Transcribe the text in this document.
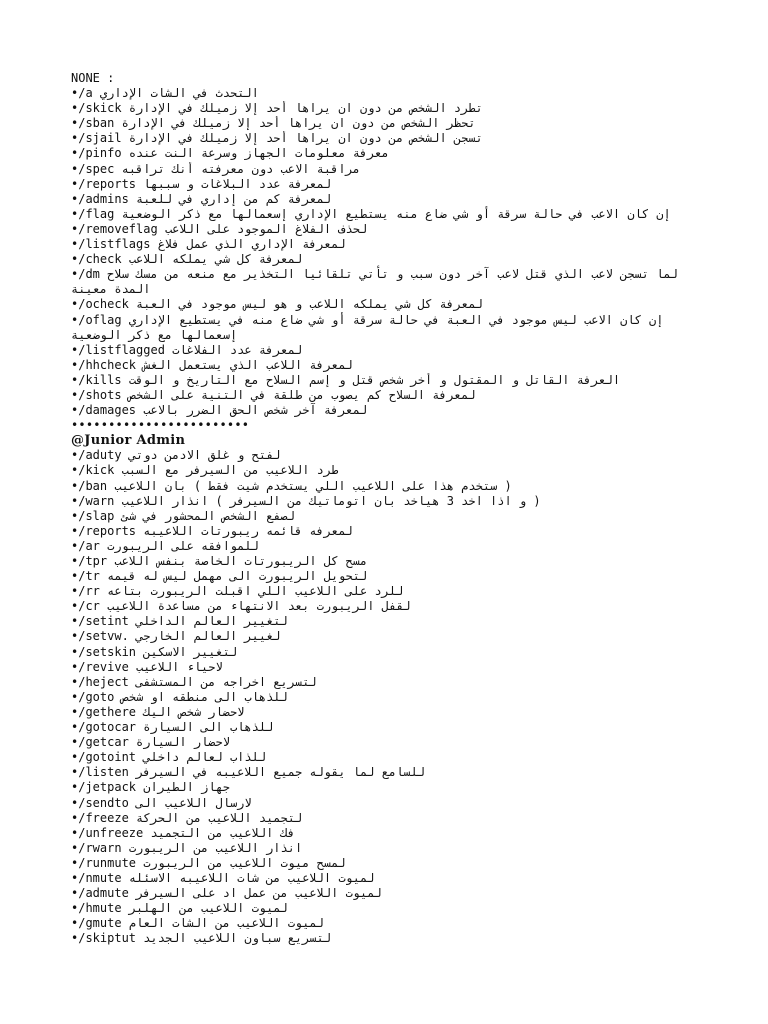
NONE :
•/a التحدث في الشات الإداري
•/skick تطرد الشخص من دون ان يراها أحد إلا زميلك في الإدارة
•/sban تحظر الشخص من دون ان يراها أحد إلا زميلك في الإدارة
•/sjail تسجن الشخص من دون ان يراها أحد إلا زميلك في الإدارة
•/pinfo معرفة معلومات الجهاز وسرعة النت عنده
•/spec مراقبة الاعب دون معرفته أنك تراقبه
•/reports لمعرفة عدد البلاغات و سببها
•/admins لمعرفة كم من إداري في للعبة
•/flag إن كان الاعب في حالة سرقة أو شي ضاع منه يستطيع الإداري إسعمالها مع ذكر الوضعية
•/removeflag لحذف الفلاغ الموجود على اللاعب
•/listflags لمعرفة الإداري الذي عمل فلاغ
•/check لمعرفة كل شي يملكه اللاعب
•/dm لما تسجن لاعب الذي قتل لاعب آخر دون سبب و تأتي تلقائيا التخذير مع منعه من مسك سلاح المدة معينة
•/ocheck لمعرفة كل شي يملكه اللاعب و هو ليس موجود في العبة
•/oflag إن كان الاعب ليس موجود في العبة في حالة سرقة أو شي ضاع منه في يستطيع الإداري إسعمالها مع ذكر الوضعية
•/listflagged لمعرفة عدد الفلاغات
•/hhcheck لمعرفة اللاعب الذي يستعمل الغش
•/kills العرفة القاتل و المقتول و أخر شخص قتل و إسم السلاح مع التاريخ و الوقت
•/shots لمعرفة السلاح كم يصوب من طلقة في التنية على الشخص
•/damages لمعرفة آخر شخص الحق الضرر بالاعب
••••••••••••••••••••••••
@Junior Admin
•/aduty لفتح و غلق الادمن دوتي
•/kick طرد اللاعيب من السيرفر مع السبب
•/ban ( ستخدم هذا على اللاعيب اللي يستخدم شيت فقط ) بان اللاعيب
•/warn ( و اذا اخد 3 هياخد بان اتوماتيك من السيرفر ) انذار اللاعيب
•/slap لصفع الشخص المحشور في شئ
•/reports لمعرفه قائمه ريبورتات اللاعيبه
•/ar للموافقه على الريبورت
•/tpr مسح كل الريبورتات الخاصة بنفس اللاعب
•/tr لتحويل الريبورت الى مهمل ليس له قيمه
•/rr للرد على اللاعيب اللي اقبلت الريبورت بتاعه
•/cr لقفل الريبورت بعد الانتهاء من مساعدة اللاعيب
•/setint لتغيير العالم الداخلي
•/setvw. لغيير العالم الخارجي
•/setskin لتغيير الاسكين
•/revive لاحياء اللاعيب
•/heject لتسريع اخراجه من المستشفى
•/goto للذهاب الى منطقه او شخص
•/gethere لاحضار شخص اليك
•/gotocar للذهاب الى السيارة
•/getcar لاحضار السيارة
•/gotoint للذاب لعالم داخلي
•/listen للسامع لما يقوله جميع اللاعيبه في السيرفر
•/jetpack جهاز الطيران
•/sendto لارسال اللاعيب الى
•/freeze لتجميد اللاعيب من الحركة
•/unfreeze فك اللاعيب من التجميد
•/rwarn انذار اللاعيب من الريبورت
•/runmute لمسح ميوت اللاعيب من الريبورت
•/nmute لميوت اللاعيب من شات اللاعيبه الاسئله
•/admute لميوت اللاعيب من عمل اد على السيرفر
•/hmute لميوت اللاعيب من الهلبر
•/gmute لميوت اللاعيب من الشات العام
•/skiptut لتسريع سباون اللاعيب الجديد
